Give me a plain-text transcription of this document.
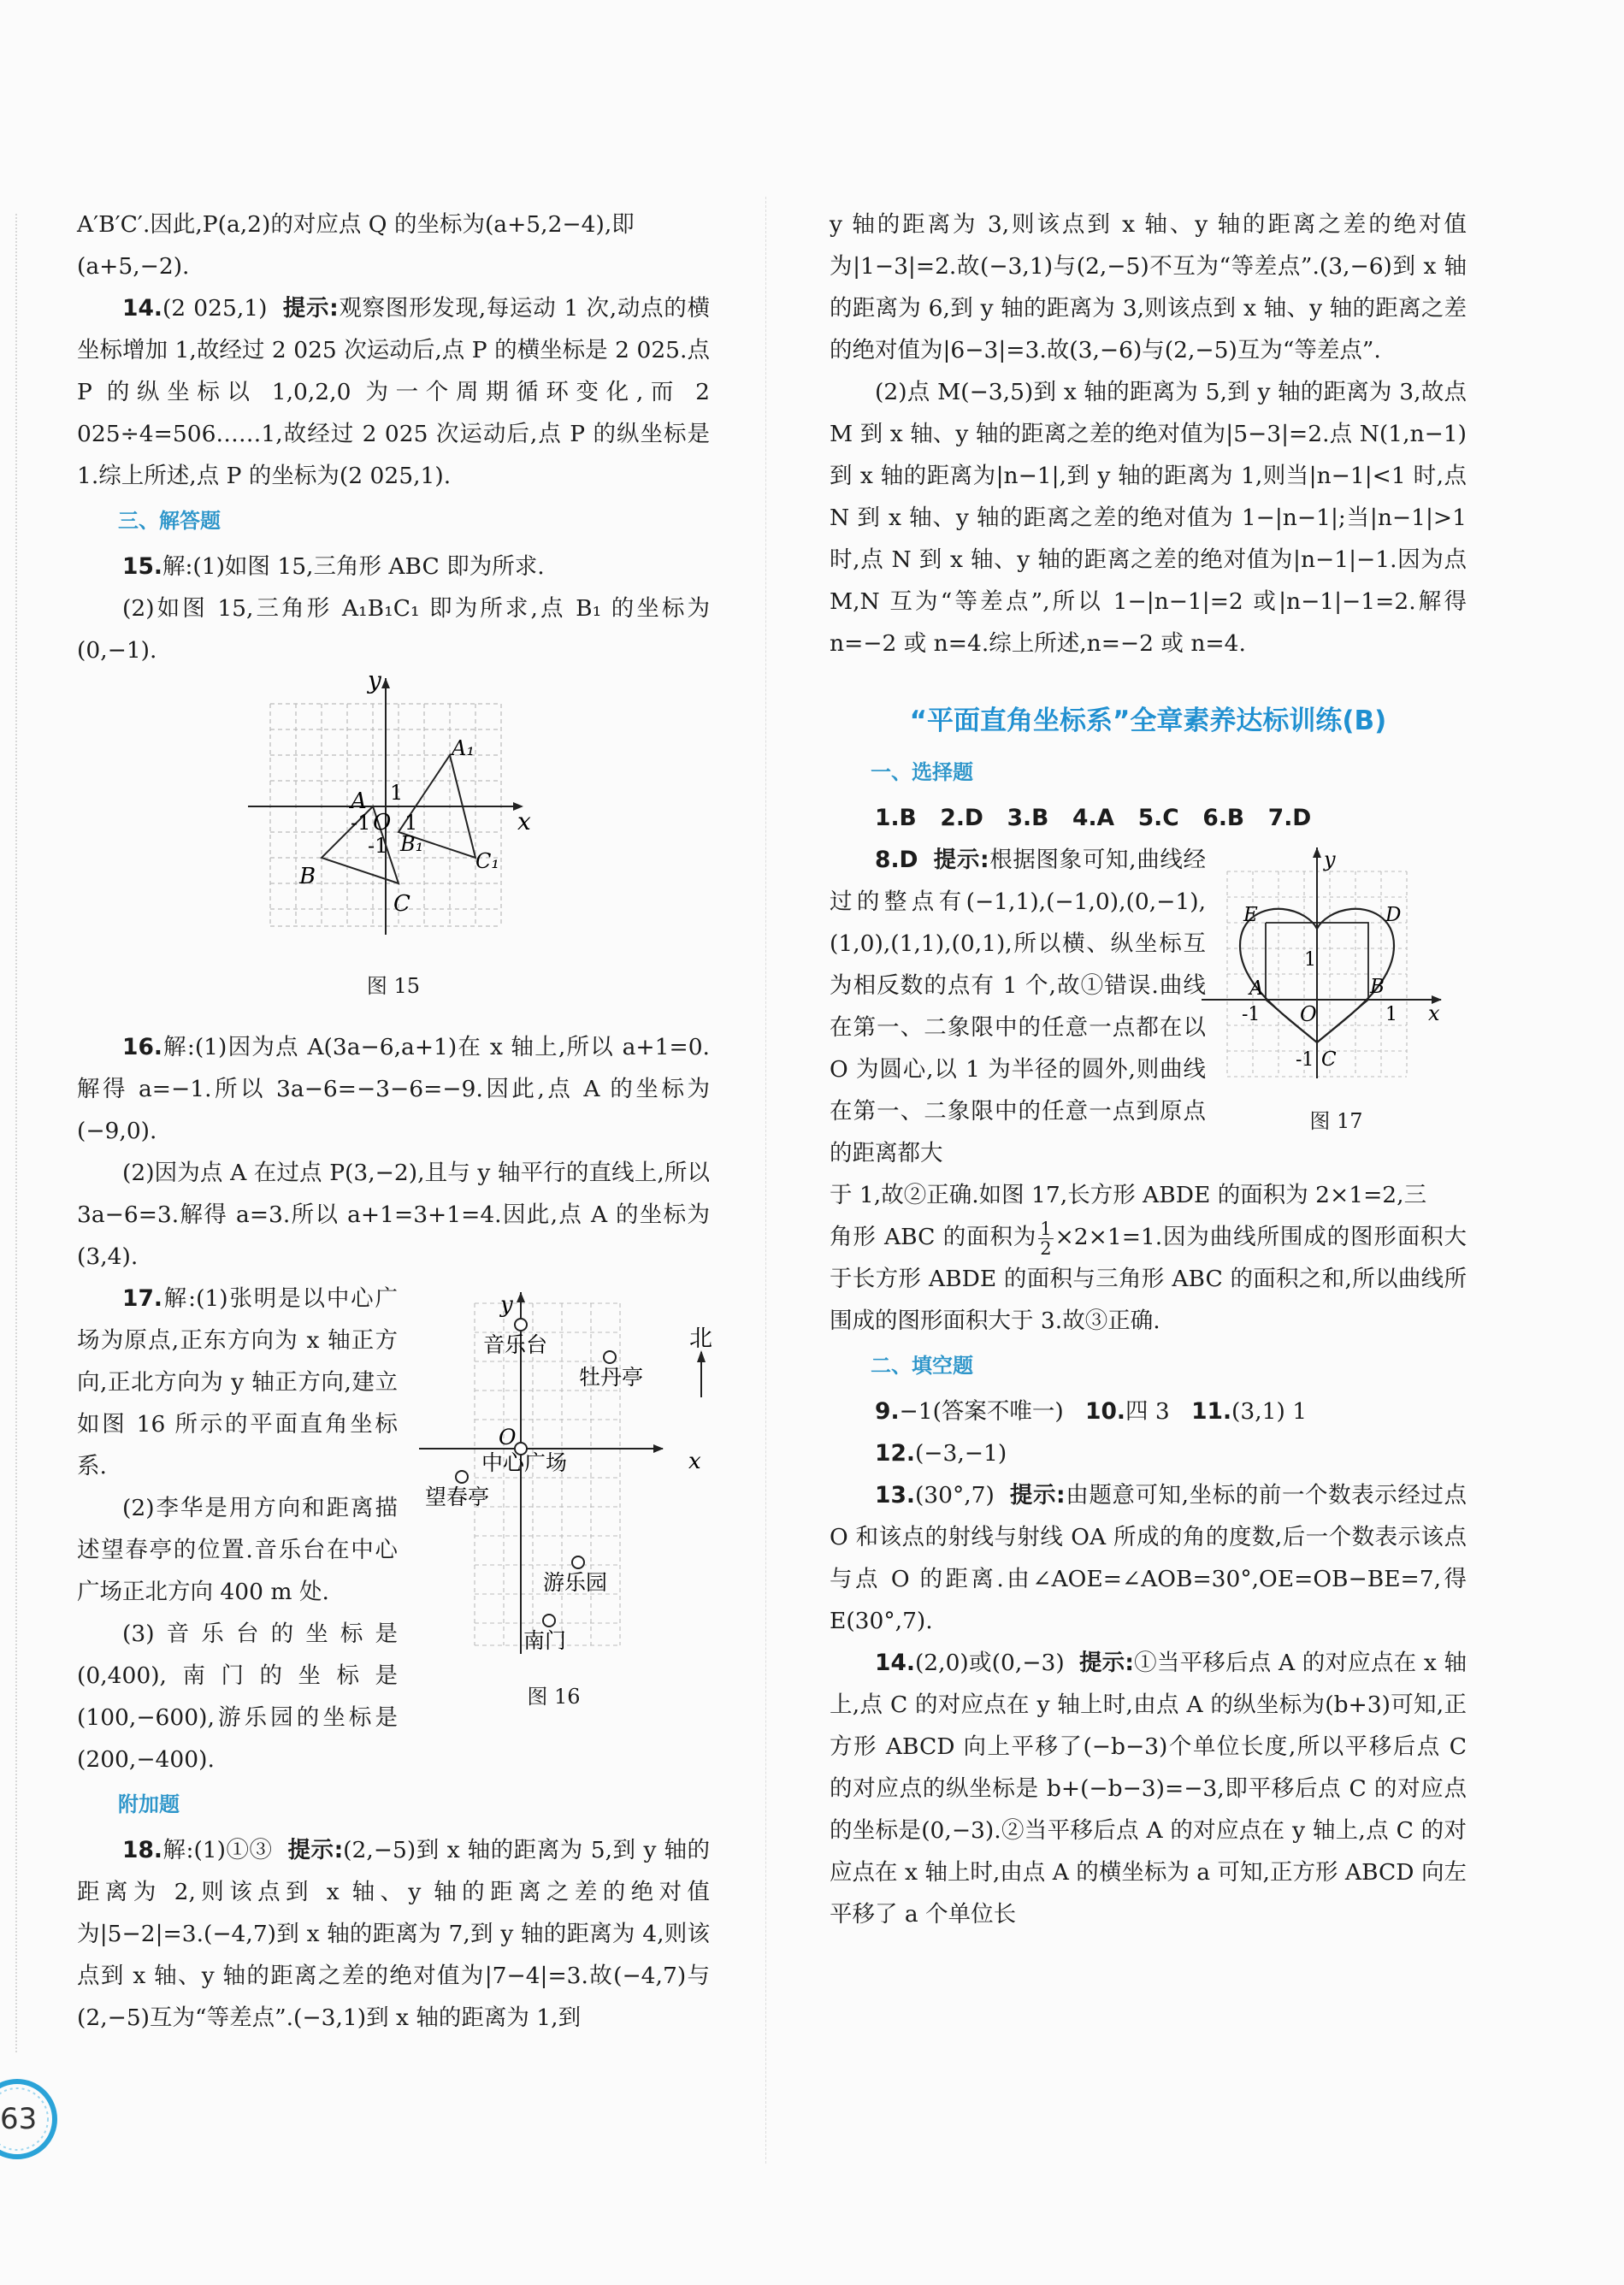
A′B′C′.因此,P(a,2)的对应点 Q 的坐标为(a+5,2−4),即

(a+5,−2).

14.(2 025,1) 提示:观察图形发现,每运动 1 次,动点的横坐标增加 1,故经过 2 025 次运动后,点 P 的横坐标是 2 025.点 P 的纵坐标以 1,0,2,0 为一个周期循环变化,而 2 025÷4=506……1,故经过 2 025 次运动后,点 P 的纵坐标是 1.综上所述,点 P 的坐标为(2 025,1).

三、解答题

15.解:(1)如图 15,三角形 ABC 即为所求.

(2)如图 15,三角形 A₁B₁C₁ 即为所求,点 B₁ 的坐标为(0,−1).

y
x
O
A
B
C
A₁
B₁
C₁
1
1
-1
-1
图 15

16.解:(1)因为点 A(3a−6,a+1)在 x 轴上,所以 a+1=0.解得 a=−1.所以 3a−6=−3−6=−9.因此,点 A 的坐标为(−9,0).

(2)因为点 A 在过点 P(3,−2),且与 y 轴平行的直线上,所以 3a−6=3.解得 a=3.所以 a+1=3+1=4.因此,点 A 的坐标为(3,4).

17.解:(1)张明是以中心广场为原点,正东方向为 x 轴正方向,正北方向为 y 轴正方向,建立如图 16 所示的平面直角坐标系.

(2)李华是用方向和距离描述望春亭的位置.音乐台在中心广场正北方向 400 m 处.

(3)音乐台的坐标是(0,400),南门的坐标是(100,−600),游乐园的坐标是(200,−400).

y
x
O
北
音乐台
牡丹亭
中心广场
望春亭
游乐园
南门
图 16
附加题

18.解:(1)①③ 提示:(2,−5)到 x 轴的距离为 5,到 y 轴的距离为 2,则该点到 x 轴、y 轴的距离之差的绝对值为|5−2|=3.(−4,7)到 x 轴的距离为 7,到 y 轴的距离为 4,则该点到 x 轴、y 轴的距离之差的绝对值为|7−4|=3.故(−4,7)与(2,−5)互为“等差点”.(−3,1)到 x 轴的距离为 1,到

y 轴的距离为 3,则该点到 x 轴、y 轴的距离之差的绝对值为|1−3|=2.故(−3,1)与(2,−5)不互为“等差点”.(3,−6)到 x 轴的距离为 6,到 y 轴的距离为 3,则该点到 x 轴、y 轴的距离之差的绝对值为|6−3|=3.故(3,−6)与(2,−5)互为“等差点”.

(2)点 M(−3,5)到 x 轴的距离为 5,到 y 轴的距离为 3,故点 M 到 x 轴、y 轴的距离之差的绝对值为|5−3|=2.点 N(1,n−1)到 x 轴的距离为|n−1|,到 y 轴的距离为 1,则当|n−1|<1 时,点 N 到 x 轴、y 轴的距离之差的绝对值为 1−|n−1|;当|n−1|>1 时,点 N 到 x 轴、y 轴的距离之差的绝对值为|n−1|−1.因为点 M,N 互为“等差点”,所以 1−|n−1|=2 或|n−1|−1=2.解得 n=−2 或 n=4.综上所述,n=−2 或 n=4.

“平面直角坐标系”全章素养达标训练(B)
一、选择题

1.B 2.D 3.B 4.A 5.C 6.B 7.D

8.D 提示:根据图象可知,曲线经过的整点有(−1,1),(−1,0),(0,−1),(1,0),(1,1),(0,1),所以横、纵坐标互为相反数的点有 1 个,故①错误.曲线在第一、二象限中的任意一点都在以 O 为圆心,以 1 为半径的圆外,则曲线在第一、二象限中的任意一点到原点的距离都大

y
x
O
A	B
C
D
E
1
1
-1
-1
图 17

于 1,故②正确.如图 17,长方形 ABDE 的面积为 2×1=2,三

角形 ABC 的面积为 $\frac{1}{2} \times 2\times 1=1$.因为曲线所围成的图形面积大于长方形 ABDE 的面积与三角形 ABC 的面积之和,所以曲线所围成的图形面积大于 3.故③正确.

二、填空题

9.−1(答案不唯一) 10.四 3 11.(3,1) 1

12.(−3,−1)

13.(30°,7) 提示:由题意可知,坐标的前一个数表示经过点 O 和该点的射线与射线 OA 所成的角的度数,后一个数表示该点与点 O 的距离.由∠AOE=∠AOB=30°,OE=OB−BE=7,得 E(30°,7).

14.(2,0)或(0,−3) 提示:①当平移后点 A 的对应点在 x 轴上,点 C 的对应点在 y 轴上时,由点 A 的纵坐标为(b+3)可知,正方形 ABCD 向上平移了(−b−3)个单位长度,所以平移后点 C 的对应点的纵坐标是 b+(−b−3)=−3,即平移后点 C 的对应点的坐标是(0,−3).②当平移后点 A 的对应点在 y 轴上,点 C 的对应点在 x 轴上时,由点 A 的横坐标为 a 可知,正方形 ABCD 向左平移了 a 个单位长

63
